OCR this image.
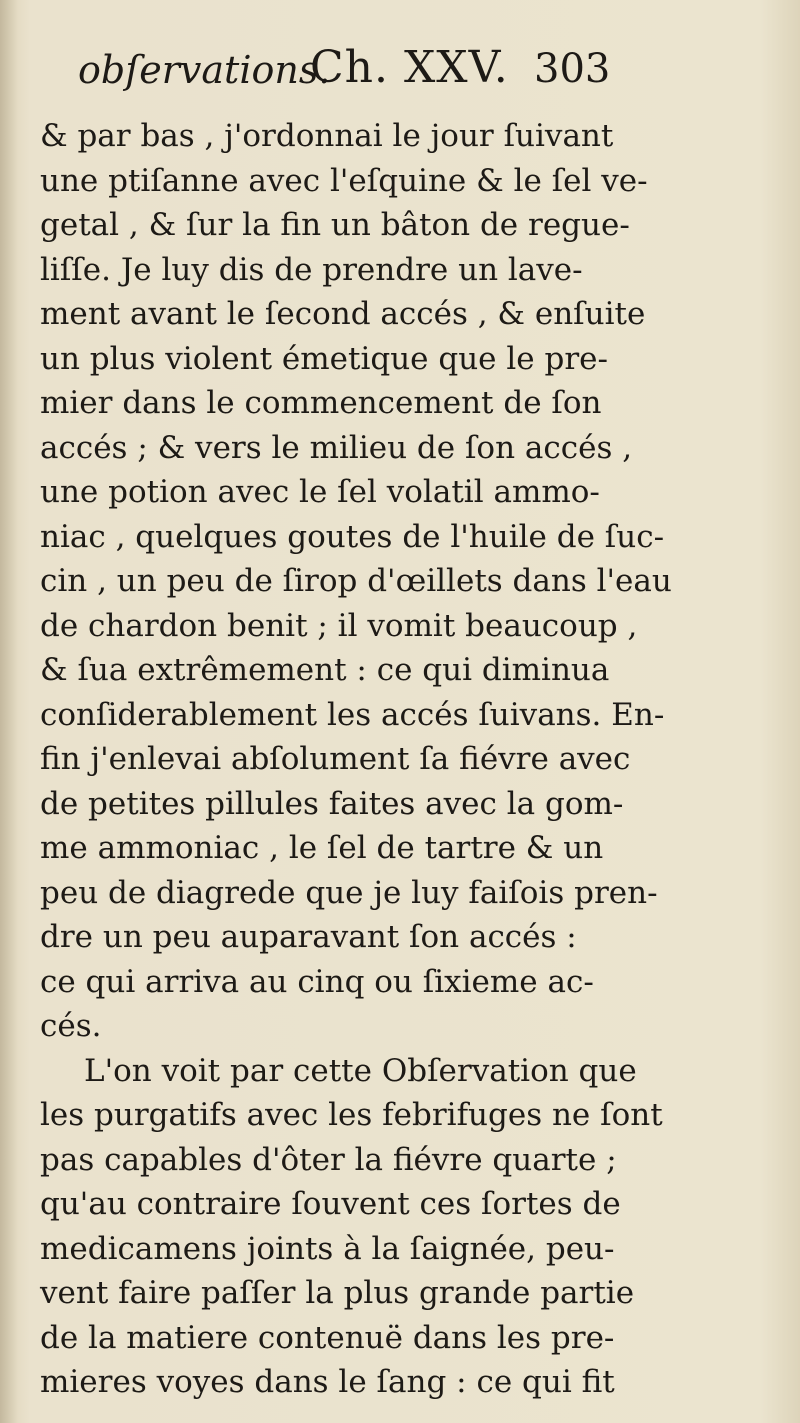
obſervations.
Ch. XXV. 303
& par bas , j'ordonnai le jour ſuivant
une ptiſanne avec l'eſquine & le ſel ve-
getal , & ſur la fin un bâton de regue-
liſſe. Je luy dis de prendre un lave-
ment avant le ſecond accés , & enſuite
un plus violent émetique que le pre-
mier dans le commencement de ſon
accés ; & vers le milieu de ſon accés ,
une potion avec le ſel volatil ammo-
niac , quelques goutes de l'huile de ſuc-
cin , un peu de ſirop d'œillets dans l'eau
de chardon benit ; il vomit beaucoup ,
& ſua extrêmement : ce qui diminua
conſiderablement les accés ſuivans. En-
fin j'enlevai abſolument ſa fiévre avec
de petites pillules faites avec la gom-
me ammoniac , le ſel de tartre & un
peu de diagrede que je luy faiſois pren-
dre un peu auparavant ſon accés :
ce qui arriva au cinq ou ſixieme ac-
cés.
L'on voit par cette Obſervation que
les purgatifs avec les febrifuges ne ſont
pas capables d'ôter la fiévre quarte ;
qu'au contraire ſouvent ces ſortes de
medicamens joints à la ſaignée, peu-
vent faire paſſer la plus grande partie
de la matiere contenuë dans les pre-
mieres voyes dans le ſang : ce qui fit
